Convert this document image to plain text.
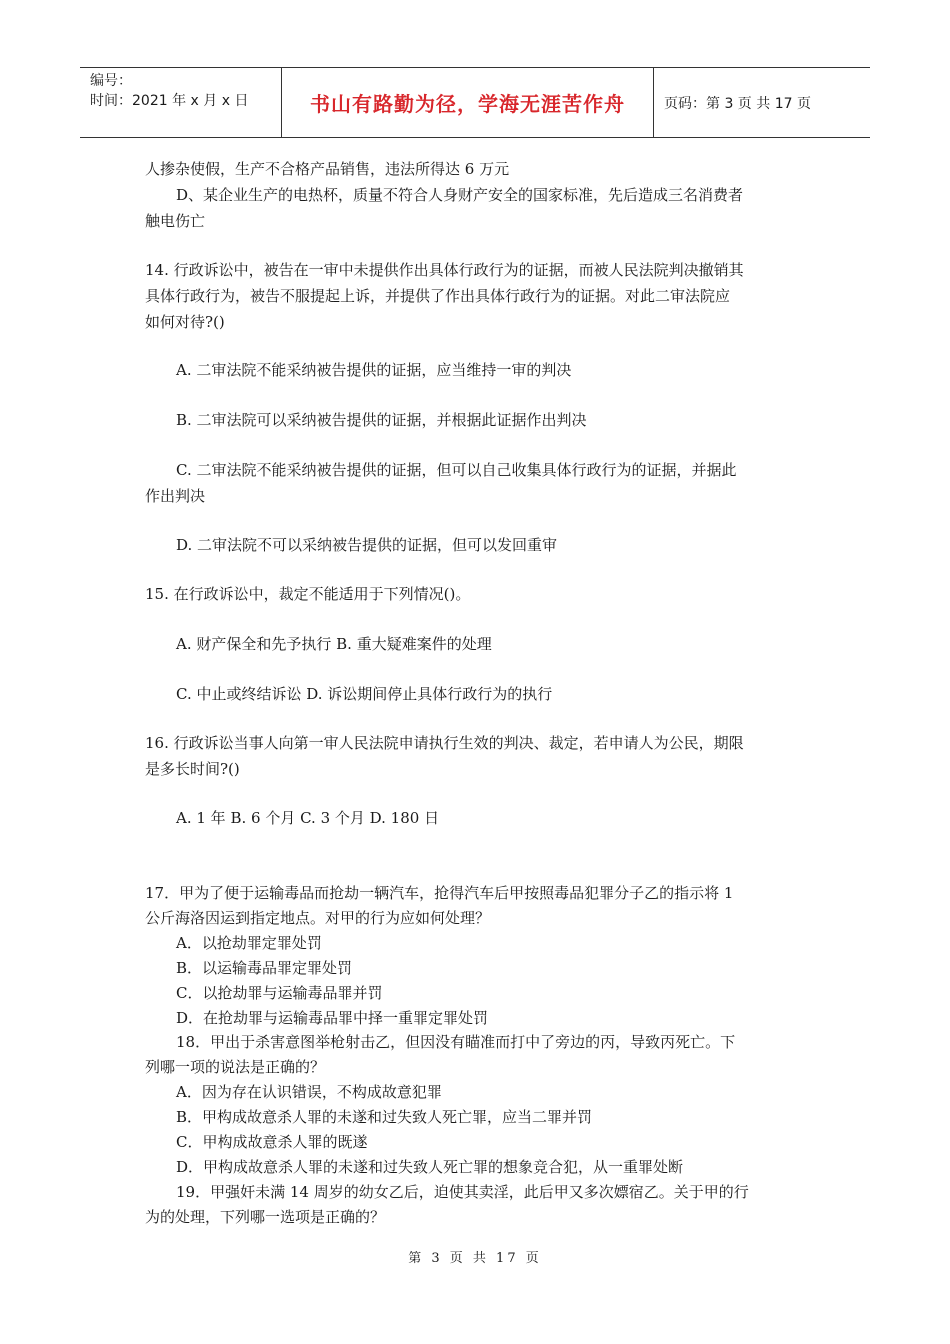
编号：
时间：2021 年 x 月 x 日	书山有路勤为径，学海无涯苦作舟	页码：第 3 页 共 17 页
人掺杂使假，生产不合格产品销售，违法所得达 6 万元
D、某企业生产的电热杯，质量不符合人身财产安全的国家标准，先后造成三名消费者
触电伤亡
14. 行政诉讼中，被告在一审中未提供作出具体行政行为的证据，而被人民法院判决撤销其
具体行政行为，被告不服提起上诉，并提供了作出具体行政行为的证据。对此二审法院应
如何对待?()
A. 二审法院不能采纳被告提供的证据，应当维持一审的判决
B. 二审法院可以采纳被告提供的证据，并根据此证据作出判决
C. 二审法院不能采纳被告提供的证据，但可以自己收集具体行政行为的证据，并据此
作出判决
D. 二审法院不可以采纳被告提供的证据，但可以发回重审
15. 在行政诉讼中，裁定不能适用于下列情况()。
A. 财产保全和先予执行 B. 重大疑难案件的处理
C. 中止或终结诉讼 D. 诉讼期间停止具体行政行为的执行
16. 行政诉讼当事人向第一审人民法院申请执行生效的判决、裁定，若申请人为公民，期限
是多长时间?()
A. 1 年 B. 6 个月 C. 3 个月 D. 180 日
17．甲为了便于运输毒品而抢劫一辆汽车，抢得汽车后甲按照毒品犯罪分子乙的指示将 1
公斤海洛因运到指定地点。对甲的行为应如何处理？
A．以抢劫罪定罪处罚
B．以运输毒品罪定罪处罚
C．以抢劫罪与运输毒品罪并罚
D．在抢劫罪与运输毒品罪中择一重罪定罪处罚
18．甲出于杀害意图举枪射击乙，但因没有瞄准而打中了旁边的丙，导致丙死亡。下
列哪一项的说法是正确的？
A．因为存在认识错误，不构成故意犯罪
B．甲构成故意杀人罪的未遂和过失致人死亡罪，应当二罪并罚
C．甲构成故意杀人罪的既遂
D．甲构成故意杀人罪的未遂和过失致人死亡罪的想象竞合犯，从一重罪处断
19．甲强奸未满 14 周岁的幼女乙后，迫使其卖淫，此后甲又多次嫖宿乙。关于甲的行
为的处理，下列哪一选项是正确的？
第 3 页 共 17 页
